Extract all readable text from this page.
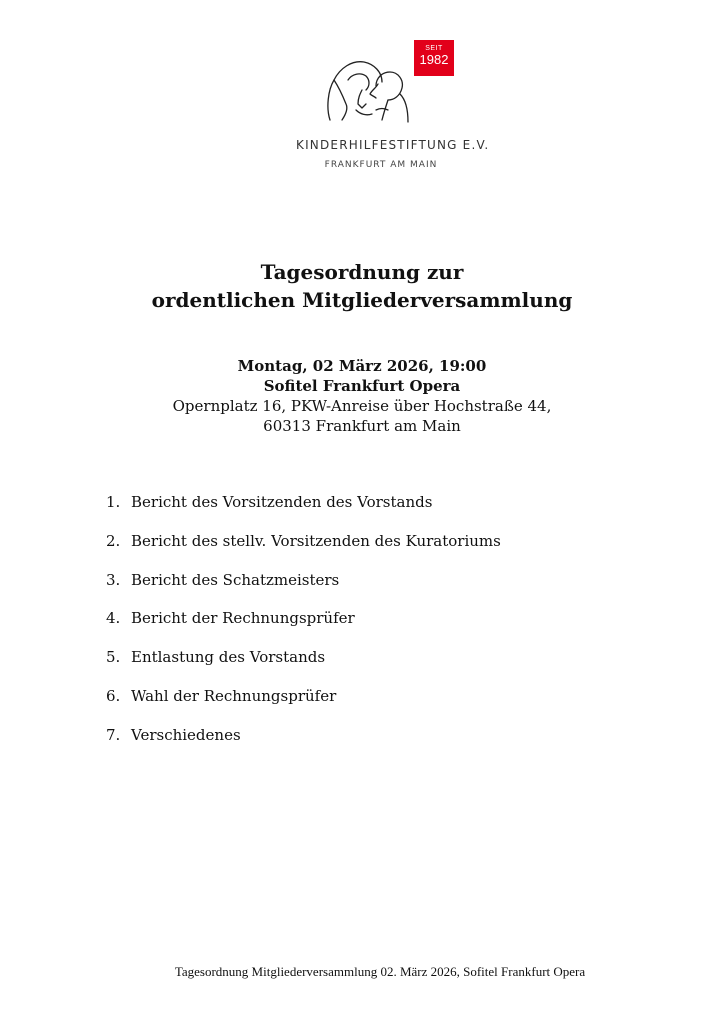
SEIT
1982
KINDERHILFESTIFTUNG E.V.
FRANKFURT AM MAIN
Tagesordnung zur
ordentlichen Mitgliederversammlung
Montag, 02 März 2026, 19:00
Sofitel Frankfurt Opera
Opernplatz 16, PKW-Anreise über Hochstraße 44,
60313 Frankfurt am Main
1. Bericht des Vorsitzenden des Vorstands
2. Bericht des stellv. Vorsitzenden des Kuratoriums
3. Bericht des Schatzmeisters
4. Bericht der Rechnungsprüfer
5. Entlastung des Vorstands
6. Wahl der Rechnungsprüfer
7. Verschiedenes
Tagesordnung Mitgliederversammlung 02. März 2026, Sofitel Frankfurt Opera
